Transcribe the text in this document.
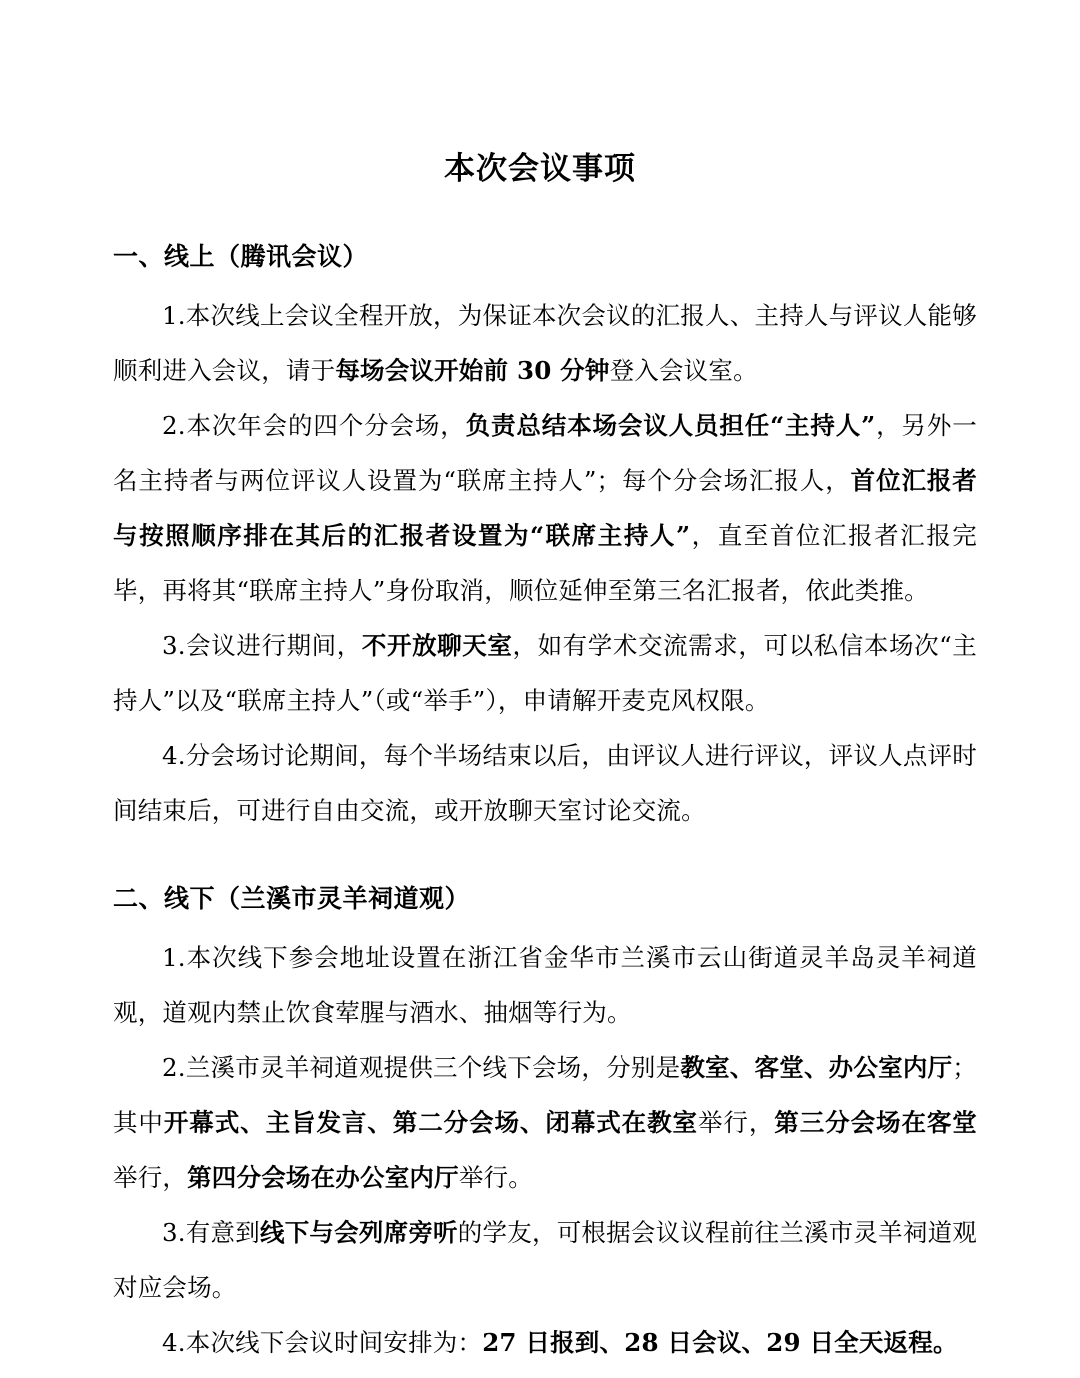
本次会议事项
一、线上（腾讯会议）

1.本次线上会议全程开放，为保证本次会议的汇报人、主持人与评议人能够顺利进入会议，请于每场会议开始前 30 分钟登入会议室。

2.本次年会的四个分会场，负责总结本场会议人员担任“主持人”，另外一名主持者与两位评议人设置为“联席主持人”；每个分会场汇报人，首位汇报者与按照顺序排在其后的汇报者设置为“联席主持人”，直至首位汇报者汇报完毕，再将其“联席主持人”身份取消，顺位延伸至第三名汇报者，依此类推。

3.会议进行期间，不开放聊天室，如有学术交流需求，可以私信本场次“主持人”以及“联席主持人”（或“举手”），申请解开麦克风权限。

4.分会场讨论期间，每个半场结束以后，由评议人进行评议，评议人点评时间结束后，可进行自由交流，或开放聊天室讨论交流。

二、线下（兰溪市灵羊祠道观）

1.本次线下参会地址设置在浙江省金华市兰溪市云山街道灵羊岛灵羊祠道观，道观内禁止饮食荤腥与酒水、抽烟等行为。

2.兰溪市灵羊祠道观提供三个线下会场，分别是教室、客堂、办公室内厅；其中开幕式、主旨发言、第二分会场、闭幕式在教室举行，第三分会场在客堂举行，第四分会场在办公室内厅举行。

3.有意到线下与会列席旁听的学友，可根据会议议程前往兰溪市灵羊祠道观对应会场。

4.本次线下会议时间安排为：27 日报到、28 日会议、29 日全天返程。
